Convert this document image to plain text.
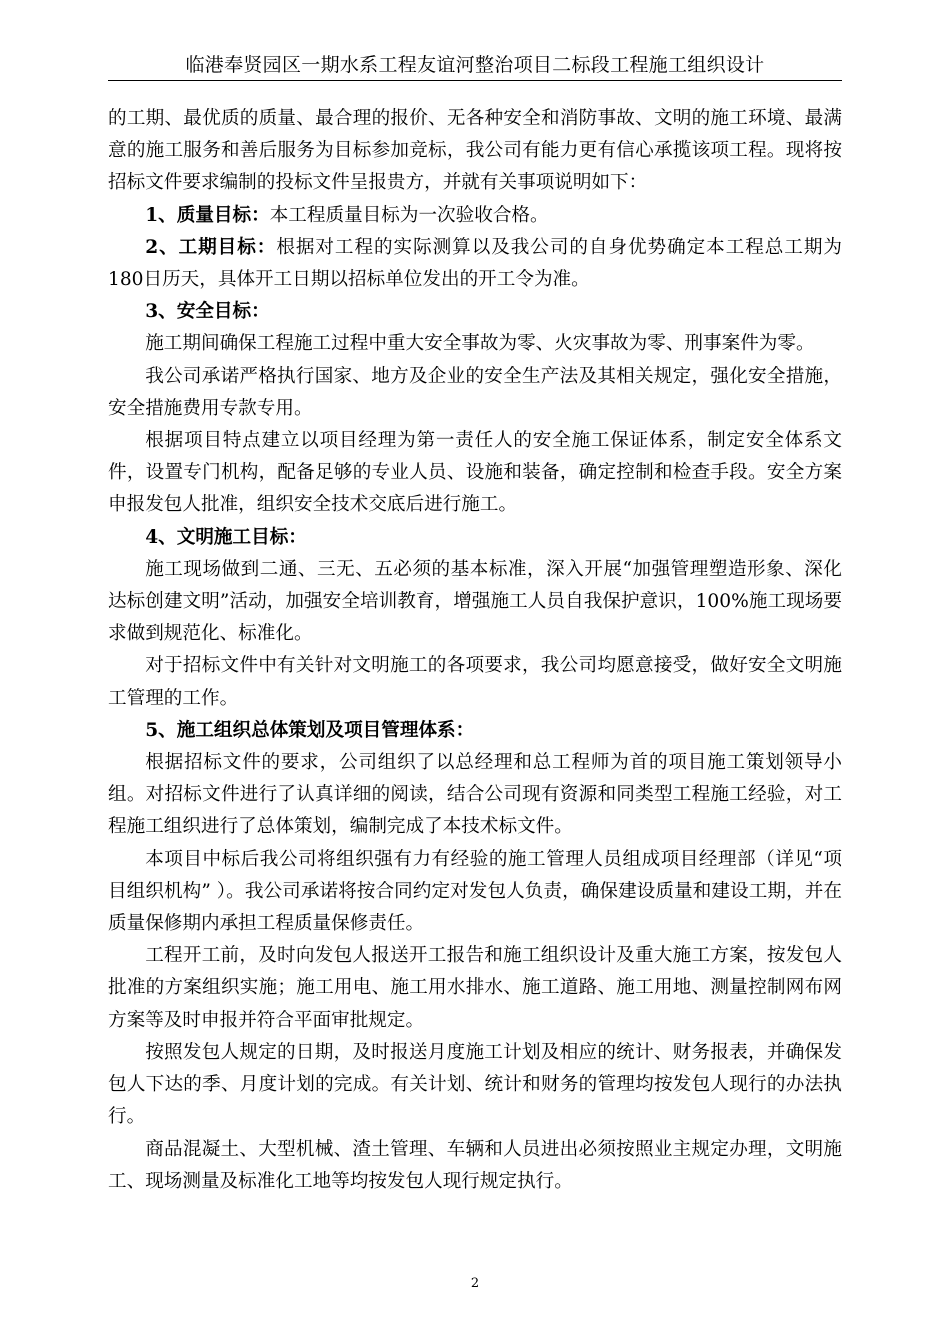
临港奉贤园区一期水系工程友谊河整治项目二标段工程施工组织设计

的工期、最优质的质量、最合理的报价、无各种安全和消防事故、文明的施工环境、最满意的施工服务和善后服务为目标参加竞标，我公司有能力更有信心承揽该项工程。现将按招标文件要求编制的投标文件呈报贵方，并就有关事项说明如下：

1、质量目标：本工程质量目标为一次验收合格。

2、工期目标：根据对工程的实际测算以及我公司的自身优势确定本工程总工期为180日历天，具体开工日期以招标单位发出的开工令为准。

3、安全目标：

施工期间确保工程施工过程中重大安全事故为零、火灾事故为零、刑事案件为零。

我公司承诺严格执行国家、地方及企业的安全生产法及其相关规定，强化安全措施，安全措施费用专款专用。

根据项目特点建立以项目经理为第一责任人的安全施工保证体系，制定安全体系文件，设置专门机构，配备足够的专业人员、设施和装备，确定控制和检查手段。安全方案申报发包人批准，组织安全技术交底后进行施工。

4、文明施工目标：

施工现场做到二通、三无、五必须的基本标准，深入开展“加强管理塑造形象、深化达标创建文明”活动，加强安全培训教育，增强施工人员自我保护意识，100%施工现场要求做到规范化、标准化。

对于招标文件中有关针对文明施工的各项要求，我公司均愿意接受，做好安全文明施工管理的工作。

5、施工组织总体策划及项目管理体系：

根据招标文件的要求，公司组织了以总经理和总工程师为首的项目施工策划领导小组。对招标文件进行了认真详细的阅读，结合公司现有资源和同类型工程施工经验，对工程施工组织进行了总体策划，编制完成了本技术标文件。

本项目中标后我公司将组织强有力有经验的施工管理人员组成项目经理部（详见“项目组织机构” ）。我公司承诺将按合同约定对发包人负责，确保建设质量和建设工期，并在质量保修期内承担工程质量保修责任。

工程开工前，及时向发包人报送开工报告和施工组织设计及重大施工方案，按发包人批准的方案组织实施；施工用电、施工用水排水、施工道路、施工用地、测量控制网布网方案等及时申报并符合平面审批规定。

按照发包人规定的日期，及时报送月度施工计划及相应的统计、财务报表，并确保发包人下达的季、月度计划的完成。有关计划、统计和财务的管理均按发包人现行的办法执行。

商品混凝土、大型机械、渣土管理、车辆和人员进出必须按照业主规定办理，文明施工、现场测量及标准化工地等均按发包人现行规定执行。

2
